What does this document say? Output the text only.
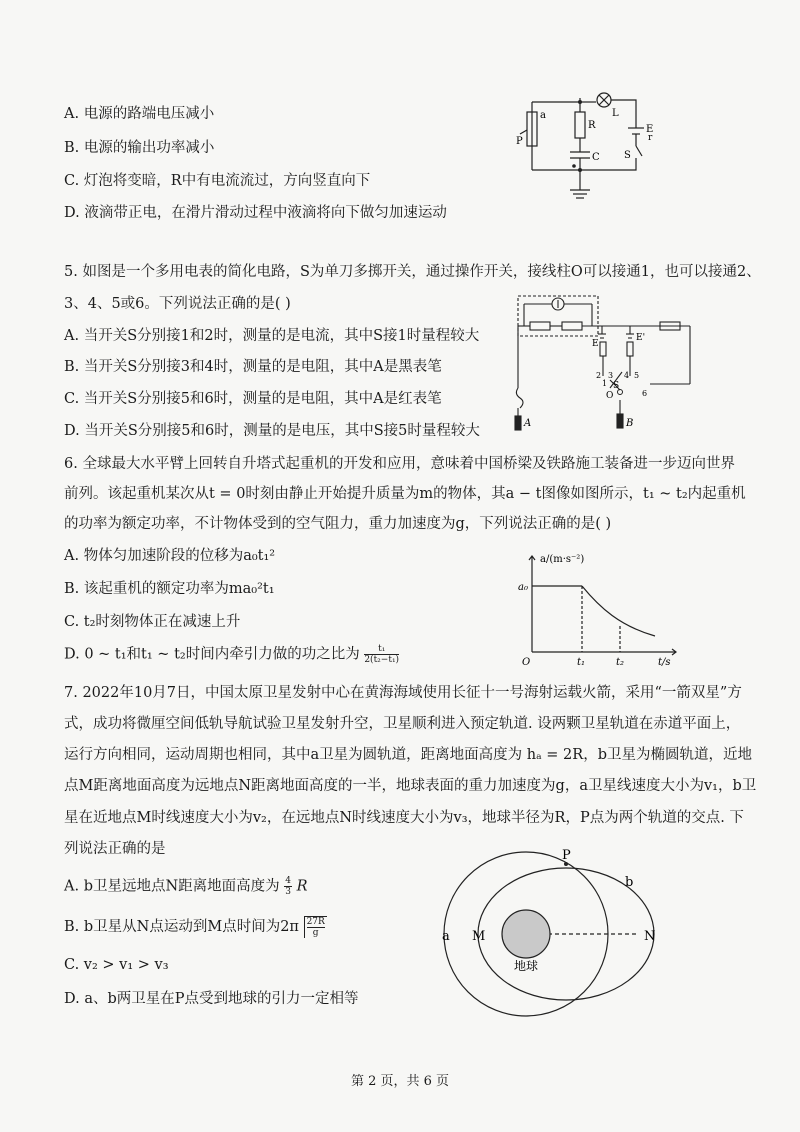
A. 电源的路端电压减小
B. 电源的输出功率减小
C. 灯泡将变暗，R中有电流流过，方向竖直向下
D. 液滴带正电，在滑片滑动过程中液滴将向下做匀加速运动
a
R
L
E
r
P
S
C
5. 如图是一个多用电表的简化电路，S为单刀多掷开关，通过操作开关，接线柱O可以接通1，也可以接通2、
3、4、5或6。下列说法正确的是( )
A. 当开关S分别接1和2时，测量的是电流，其中S接1时量程较大
B. 当开关S分别接3和4时，测量的是电阻，其中A是黑表笔
C. 当开关S分别接5和6时，测量的是电阻，其中A是红表笔
D. 当开关S分别接5和6时，测量的是电压，其中S接5时量程较大
E
E'
1
2 3 4 5
6
S
O
A	B
6. 全球最大水平臂上回转自升塔式起重机的开发和应用，意味着中国桥梁及铁路施工装备进一步迈向世界
前列。该起重机某次从t = 0时刻由静止开始提升质量为m的物体，其a − t图像如图所示，t₁ ~ t₂内起重机
的功率为额定功率，不计物体受到的空气阻力，重力加速度为g，下列说法正确的是( )
A. 物体匀加速阶段的位移为a₀t₁²
B. 该起重机的额定功率为ma₀²t₁
C. t₂时刻物体正在减速上升
D. 0 ~ t₁和t₁ ~ t₂时间内牵引力做的功之比为 $\frac{\text{t₁}}{\text{2(t₂−t₁)}}$
a/(m·s⁻²)
a₀
O	t₁	t₂	t/s
7. 2022年10月7日，中国太原卫星发射中心在黄海海域使用长征十一号海射运载火箭，采用“一箭双星”方
式，成功将微厘空间低轨导航试验卫星发射升空，卫星顺利进入预定轨道. 设两颗卫星轨道在赤道平面上，
运行方向相同，运动周期也相同，其中a卫星为圆轨道，距离地面高度为 hₐ = 2R，b卫星为椭圆轨道，近地
点M距离地面高度为远地点N距离地面高度的一半，地球表面的重力加速度为g，a卫星线速度大小为v₁，b卫
星在近地点M时线速度大小为v₂，在远地点N时线速度大小为v₃，地球半径为R，P点为两个轨道的交点. 下
列说法正确的是
A. b卫星远地点N距离地面高度为 $\frac{4}{3}$ R
B. b卫星从N点运动到M点时间为$2\pi \frac{27R}{g}$
C. v₂ > v₁ > v₃
D. a、b两卫星在P点受到地球的引力一定相等
P
b
a M	N
地球
第 2 页，共 6 页
